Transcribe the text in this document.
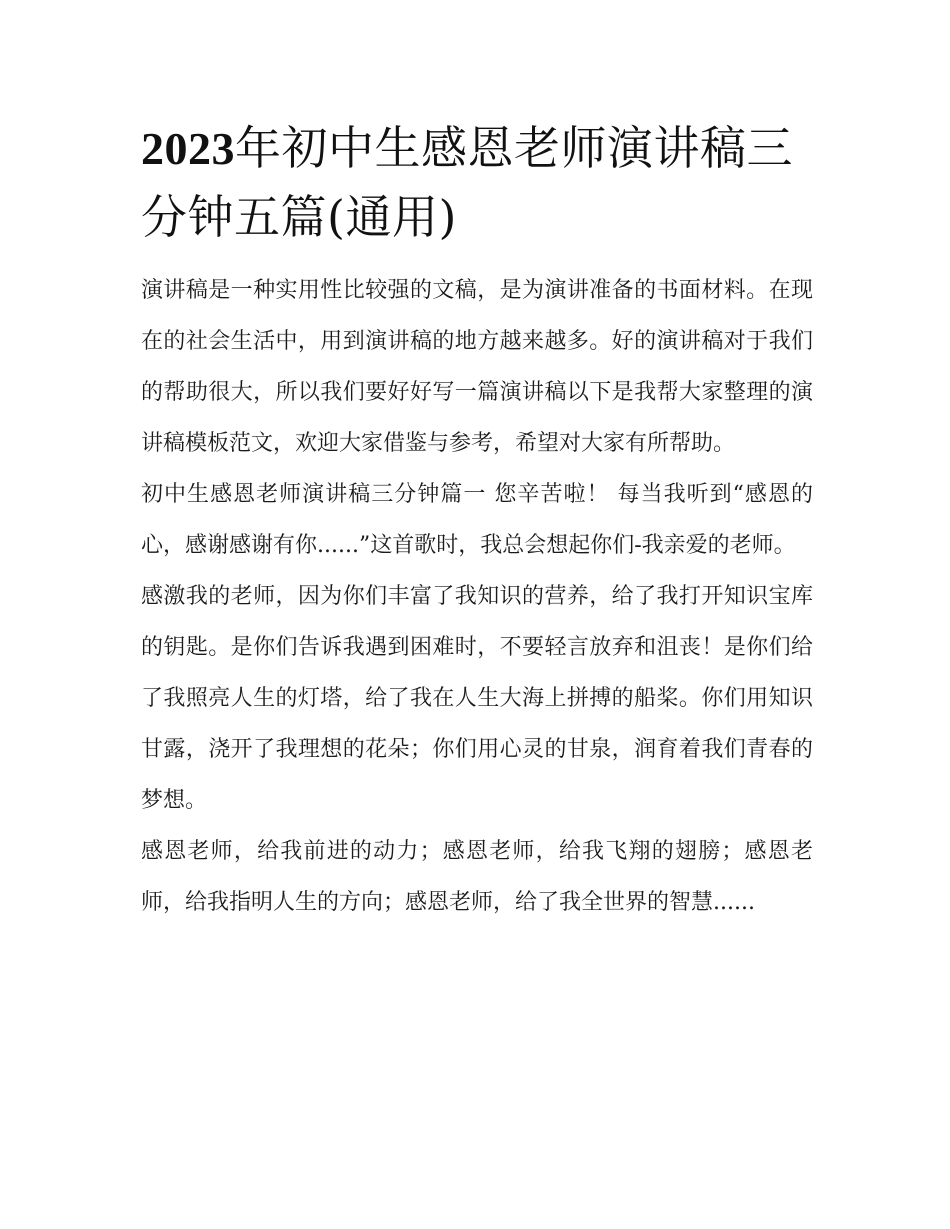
2023年初中生感恩老师演讲稿三分钟五篇(通用)

演讲稿是一种实用性比较强的文稿，是为演讲准备的书面材料。在现在的社会生活中，用到演讲稿的地方越来越多。好的演讲稿对于我们的帮助很大，所以我们要好好写一篇演讲稿以下是我帮大家整理的演讲稿模板范文，欢迎大家借鉴与参考，希望对大家有所帮助。

初中生感恩老师演讲稿三分钟篇一 您辛苦啦！ 每当我听到“感恩的心，感谢感谢有你......”这首歌时，我总会想起你们-我亲爱的老师。

感激我的老师，因为你们丰富了我知识的营养，给了我打开知识宝库的钥匙。是你们告诉我遇到困难时，不要轻言放弃和沮丧！是你们给了我照亮人生的灯塔，给了我在人生大海上拼搏的船桨。你们用知识甘露，浇开了我理想的花朵；你们用心灵的甘泉，润育着我们青春的梦想。

感恩老师，给我前进的动力；感恩老师，给我飞翔的翅膀；感恩老师，给我指明人生的方向；感恩老师，给了我全世界的智慧......
